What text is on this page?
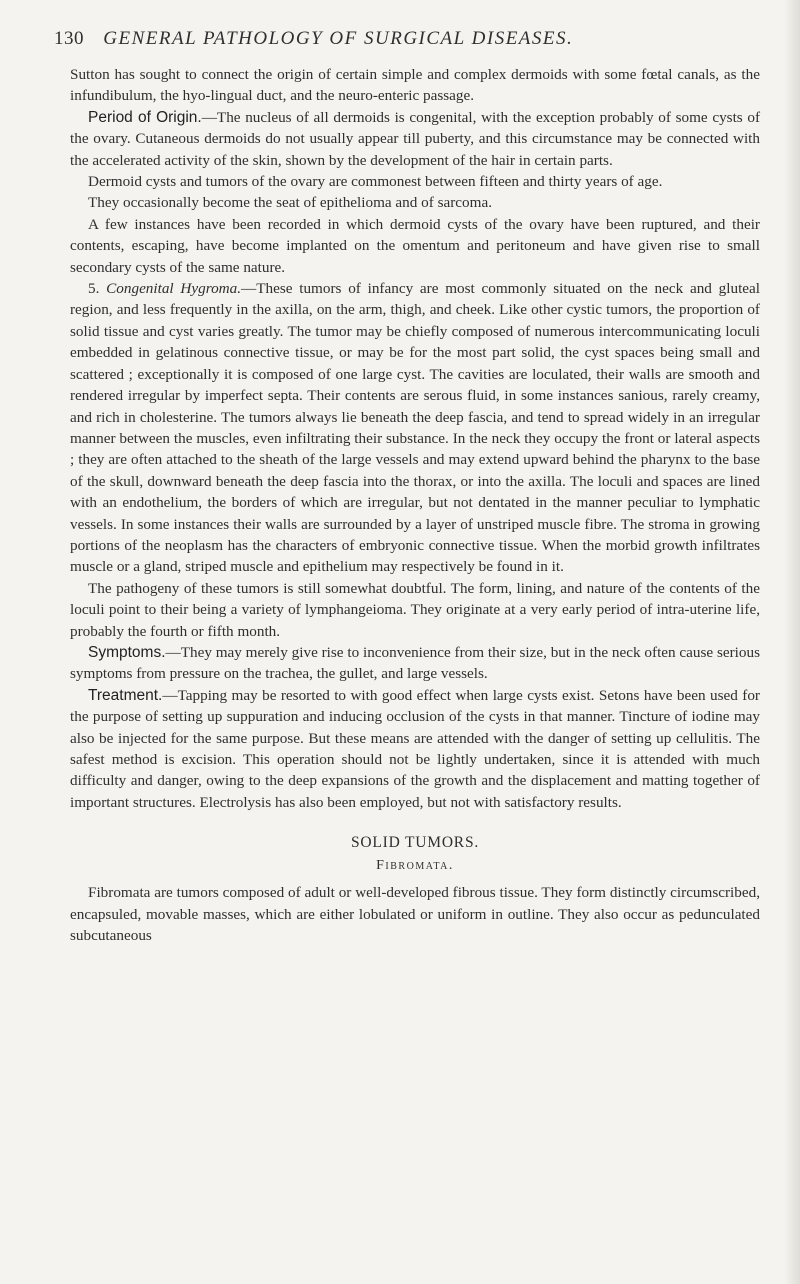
130 GENERAL PATHOLOGY OF SURGICAL DISEASES.

Sutton has sought to connect the origin of certain simple and complex dermoids with some fœtal canals, as the infundibulum, the hyo-lingual duct, and the neuro-enteric passage.

Period of Origin.—The nucleus of all dermoids is congenital, with the exception probably of some cysts of the ovary. Cutaneous dermoids do not usually appear till puberty, and this circumstance may be connected with the accelerated activity of the skin, shown by the development of the hair in certain parts.

Dermoid cysts and tumors of the ovary are commonest between fifteen and thirty years of age.

They occasionally become the seat of epithelioma and of sarcoma.

A few instances have been recorded in which dermoid cysts of the ovary have been ruptured, and their contents, escaping, have become implanted on the omentum and peritoneum and have given rise to small secondary cysts of the same nature.

5. Congenital Hygroma.—These tumors of infancy are most commonly situated on the neck and gluteal region, and less frequently in the axilla, on the arm, thigh, and cheek. Like other cystic tumors, the proportion of solid tissue and cyst varies greatly. The tumor may be chiefly composed of numerous intercommunicating loculi embedded in gelatinous connective tissue, or may be for the most part solid, the cyst spaces being small and scattered ; exceptionally it is composed of one large cyst. The cavities are loculated, their walls are smooth and rendered irregular by imperfect septa. Their contents are serous fluid, in some instances sanious, rarely creamy, and rich in cholesterine. The tumors always lie beneath the deep fascia, and tend to spread widely in an irregular manner between the muscles, even infiltrating their substance. In the neck they occupy the front or lateral aspects ; they are often attached to the sheath of the large vessels and may extend upward behind the pharynx to the base of the skull, downward beneath the deep fascia into the thorax, or into the axilla. The loculi and spaces are lined with an endothelium, the borders of which are irregular, but not dentated in the manner peculiar to lymphatic vessels. In some instances their walls are surrounded by a layer of unstriped muscle fibre. The stroma in growing portions of the neoplasm has the characters of embryonic connective tissue. When the morbid growth infiltrates muscle or a gland, striped muscle and epithelium may respectively be found in it.

The pathogeny of these tumors is still somewhat doubtful. The form, lining, and nature of the contents of the loculi point to their being a variety of lymphangeioma. They originate at a very early period of intra-uterine life, probably the fourth or fifth month.

Symptoms.—They may merely give rise to inconvenience from their size, but in the neck often cause serious symptoms from pressure on the trachea, the gullet, and large vessels.

Treatment.—Tapping may be resorted to with good effect when large cysts exist. Setons have been used for the purpose of setting up suppuration and inducing occlusion of the cysts in that manner. Tincture of iodine may also be injected for the same purpose. But these means are attended with the danger of setting up cellulitis. The safest method is excision. This operation should not be lightly undertaken, since it is attended with much difficulty and danger, owing to the deep expansions of the growth and the displacement and matting together of important structures. Electrolysis has also been employed, but not with satisfactory results.

SOLID TUMORS.
Fibromata.

Fibromata are tumors composed of adult or well-developed fibrous tissue. They form distinctly circumscribed, encapsuled, movable masses, which are either lobulated or uniform in outline. They also occur as pedunculated subcutaneous
